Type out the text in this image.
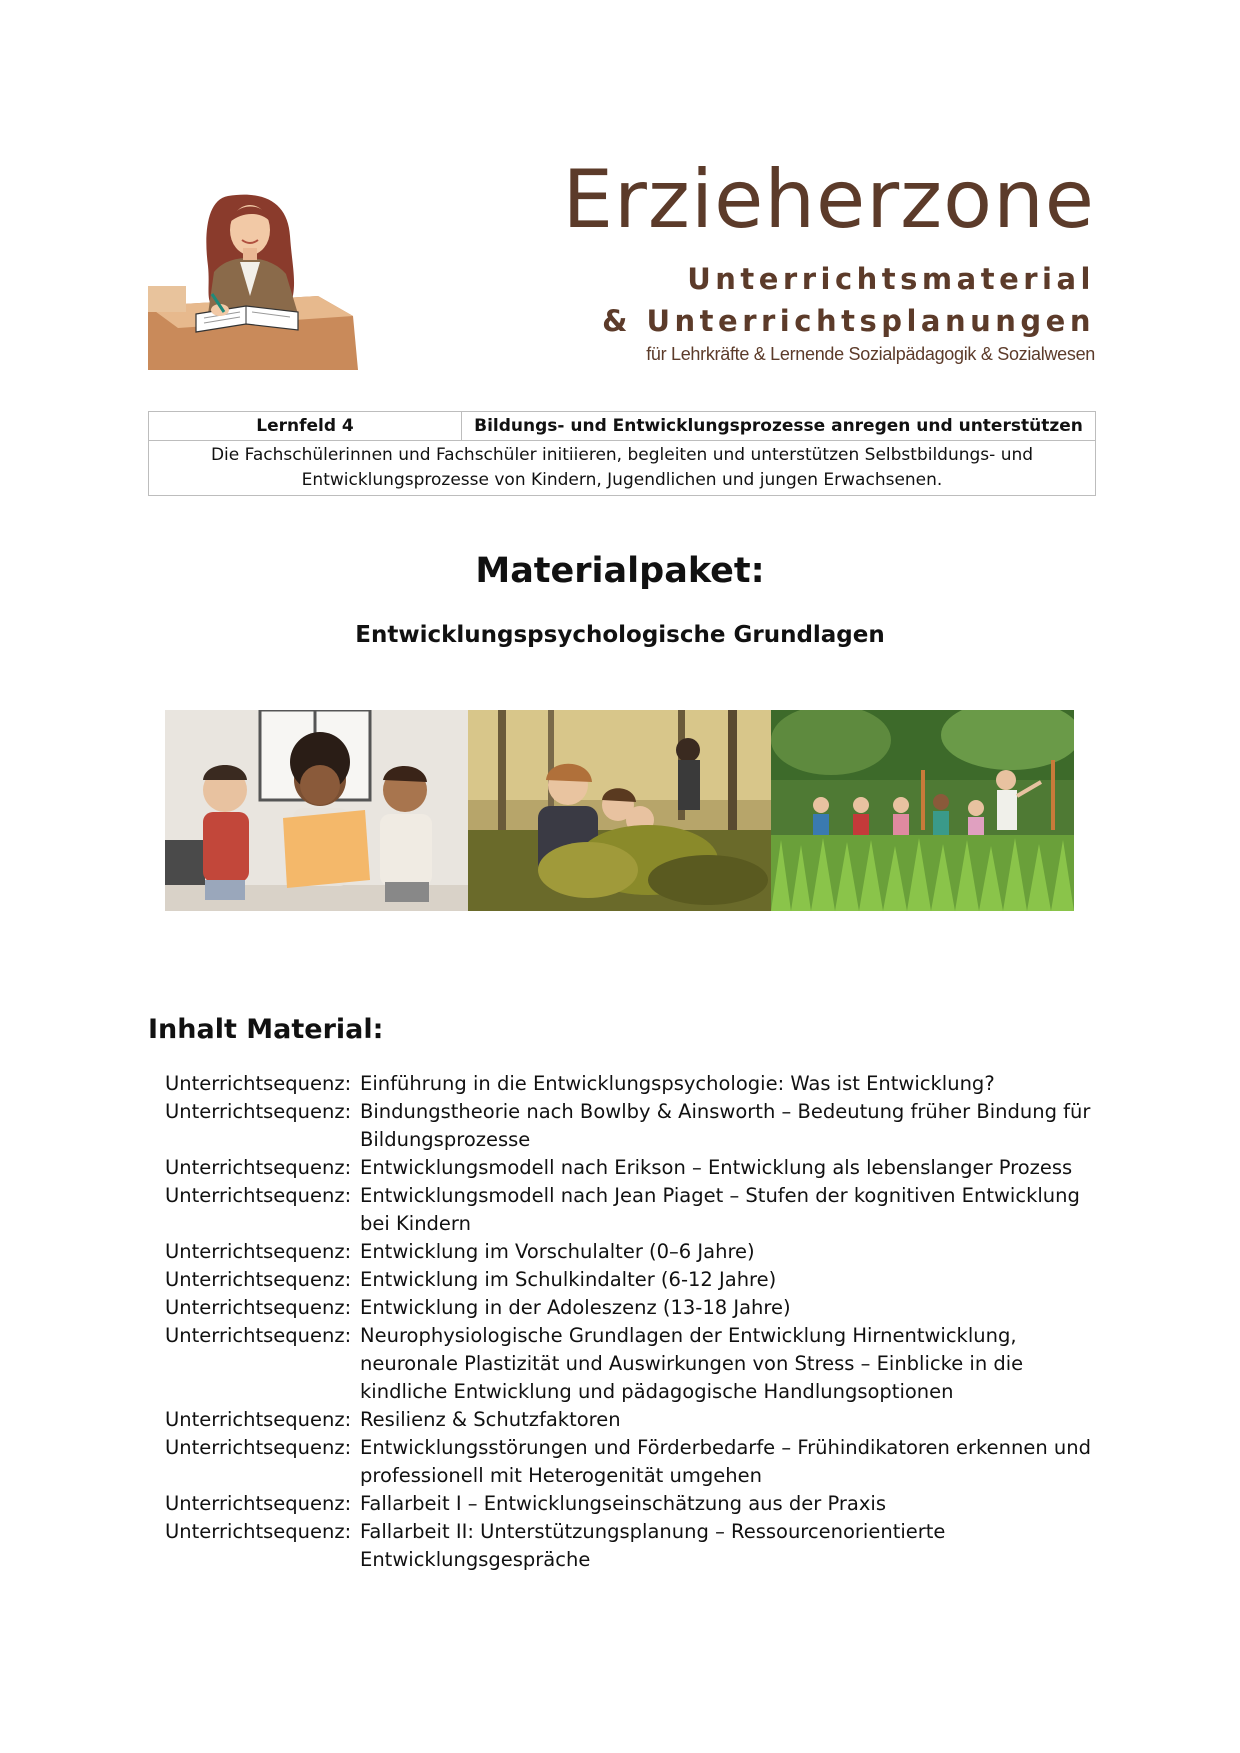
Erzieherzone
Unterrichtsmaterial
& Unterrichtsplanungen
für Lehrkräfte & Lernende Sozialpädagogik & Sozialwesen
Lernfeld 4	Bildungs- und Entwicklungsprozesse anregen und unterstützen
Die Fachschülerinnen und Fachschüler initiieren, begleiten und unterstützen Selbstbildungs- und Entwicklungsprozesse von Kindern, Jugendlichen und jungen Erwachsenen.
Materialpaket:
Entwicklungspsychologische Grundlagen
Inhalt Material:
Unterrichtsequenz: Einführung in die Entwicklungspsychologie: Was ist Entwicklung?
Unterrichtsequenz: Bindungstheorie nach Bowlby & Ainsworth – Bedeutung früher Bindung für Bildungsprozesse
Unterrichtsequenz: Entwicklungsmodell nach Erikson – Entwicklung als lebenslanger Prozess
Unterrichtsequenz: Entwicklungsmodell nach Jean Piaget – Stufen der kognitiven Entwicklung bei Kindern
Unterrichtsequenz: Entwicklung im Vorschulalter (0–6 Jahre)
Unterrichtsequenz: Entwicklung im Schulkindalter (6-12 Jahre)
Unterrichtsequenz: Entwicklung in der Adoleszenz (13-18 Jahre)
Unterrichtsequenz: Neurophysiologische Grundlagen der Entwicklung Hirnentwicklung, neuronale Plastizität und Auswirkungen von Stress – Einblicke in die kindliche Entwicklung und pädagogische Handlungsoptionen
Unterrichtsequenz: Resilienz & Schutzfaktoren
Unterrichtsequenz: Entwicklungsstörungen und Förderbedarfe – Frühindikatoren erkennen und professionell mit Heterogenität umgehen
Unterrichtsequenz: Fallarbeit I – Entwicklungseinschätzung aus der Praxis
Unterrichtsequenz: Fallarbeit II: Unterstützungsplanung – Ressourcenorientierte Entwicklungsgespräche
